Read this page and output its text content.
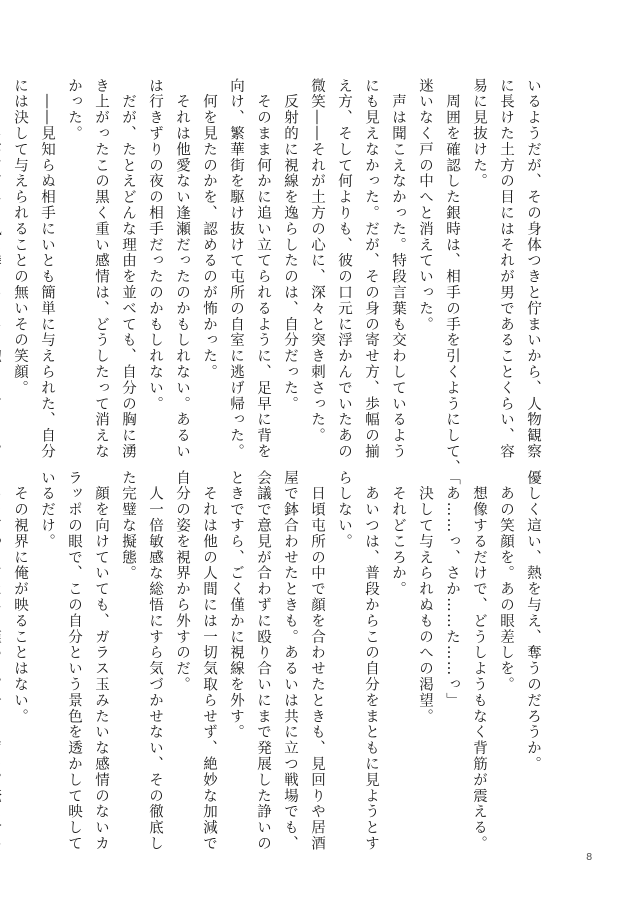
いるようだが、その身体つきと佇まいから、人物観察
に長けた土方の目にはそれが男であることくらい、容
易に見抜けた。
　周囲を確認した銀時は、相手の手を引くようにして、
迷いなく戸の中へと消えていった。
　声は聞こえなかった。特段言葉も交わしているよう
にも見えなかった。だが、その身の寄せ方、歩幅の揃
え方、そして何よりも、彼の口元に浮かんでいたあの
微笑――それが土方の心に、深々と突き刺さった。
　反射的に視線を逸らしたのは、自分だった。
　そのまま何かに追い立てられるように、足早に背を
向け、繁華街を駆け抜けて屯所の自室に逃げ帰った。
　何を見たのかを、認めるのが怖かった。
　それは他愛ない逢瀬だったのかもしれない。あるい
は行きずりの夜の相手だったのかもしれない。
　だが、たとえどんな理由を並べても、自分の胸に湧
き上がったこの黒く重い感情は、どうしたって消えな
かった。
　――見知らぬ相手にいとも簡単に与えられた、自分
には決して与えられることの無いその笑顔。
優しく這い、熱を与え、奪うのだろうか。
　あの笑顔を。あの眼差しを。
　想像するだけで、どうしようもなく背筋が震える。
「あ……っ、さか……た……っ」
　決して与えられぬものへの渇望。
　それどころか。
　あいつは、普段からこの自分をまともに見ようとす
らしない。
　日頃屯所の中で顔を合わせたときも、見回りや居酒
屋で鉢合わせたときも。あるいは共に立つ戦場でも、
会議で意見が合わずに殴り合いにまで発展した諍いの
ときですら、ごく僅かに視線を外す。
　それは他の人間には一切気取らせず、絶妙な加減で
自分の姿を視界から外すのだ。
　人一倍敏感な総悟にすら気づかせない、その徹底し
た完璧な擬態。
　顔を向けていても、ガラス玉みたいな感情のないカ
ラッポの眼で、この自分という景色を透かして映して
いるだけ。
　その視界に俺が映ることはない。
8
